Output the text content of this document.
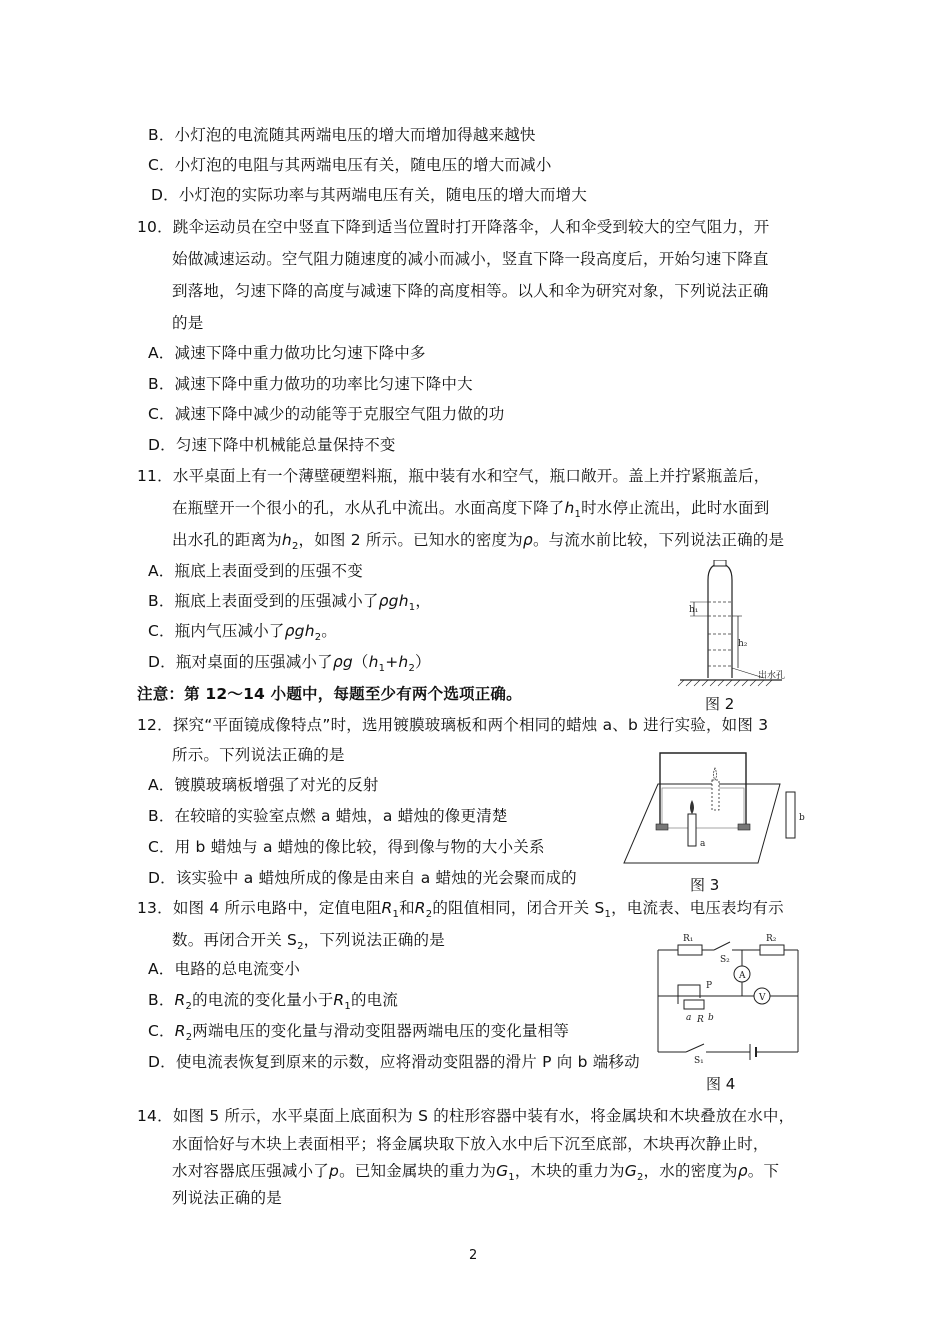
B．小灯泡的电流随其两端电压的增大而增加得越来越快
C．小灯泡的电阻与其两端电压有关，随电压的增大而减小
D．小灯泡的实际功率与其两端电压有关，随电压的增大而增大
10．跳伞运动员在空中竖直下降到适当位置时打开降落伞，人和伞受到较大的空气阻力，开
始做减速运动。空气阻力随速度的减小而减小，竖直下降一段高度后，开始匀速下降直
到落地，匀速下降的高度与减速下降的高度相等。以人和伞为研究对象，下列说法正确
的是
A．减速下降中重力做功比匀速下降中多
B．减速下降中重力做功的功率比匀速下降中大
C．减速下降中减少的动能等于克服空气阻力做的功
D．匀速下降中机械能总量保持不变
11．水平桌面上有一个薄壁硬塑料瓶，瓶中装有水和空气，瓶口敞开。盖上并拧紧瓶盖后，
在瓶壁开一个很小的孔，水从孔中流出。水面高度下降了$h_1$时水停止流出，此时水面到
出水孔的距离为$h_2$，如图 2 所示。已知水的密度为ρ。与流水前比较，下列说法正确的是
A．瓶底上表面受到的压强不变
B．瓶底上表面受到的压强减小了ρgh$_1$，
C．瓶内气压减小了ρgh$_2$。
D．瓶对桌面的压强减小了$\rho g(h_1+h_2)$
h₁
h₂
出水孔
图 2
注意：第 12～14 小题中，每题至少有两个选项正确。
12．探究“平面镜成像特点”时，选用镀膜玻璃板和两个相同的蜡烛 a、b 进行实验，如图 3
所示。下列说法正确的是
A．镀膜玻璃板增强了对光的反射
B．在较暗的实验室点燃 a 蜡烛，a 蜡烛的像更清楚
C．用 b 蜡烛与 a 蜡烛的像比较，得到像与物的大小关系
D．该实验中 a 蜡烛所成的像是由来自 a 蜡烛的光会聚而成的
a
b
图 3
13．如图 4 所示电路中，定值电阻$R_1$和$R_2$的阻值相同，闭合开关 $S_1$，电流表、电压表均有示
数。再闭合开关 $S_2$，下列说法正确的是
A．电路的总电流变小
B．$R_2$的电流的变化量小于$R_1$的电流
C．$R_2$两端电压的变化量与滑动变阻器两端电压的变化量相等
D．使电流表恢复到原来的示数，应将滑动变阻器的滑片 P 向 b 端移动
R₁	R₂
S₂
A
V
P
a R b
S₁
图 4
14．如图 5 所示，水平桌面上底面积为 S 的柱形容器中装有水，将金属块和木块叠放在水中，
水面恰好与木块上表面相平；将金属块取下放入水中后下沉至底部，木块再次静止时，
水对容器底压强减小了p。已知金属块的重力为$G_1$，木块的重力为$G_2$，水的密度为ρ。下
列说法正确的是
2
